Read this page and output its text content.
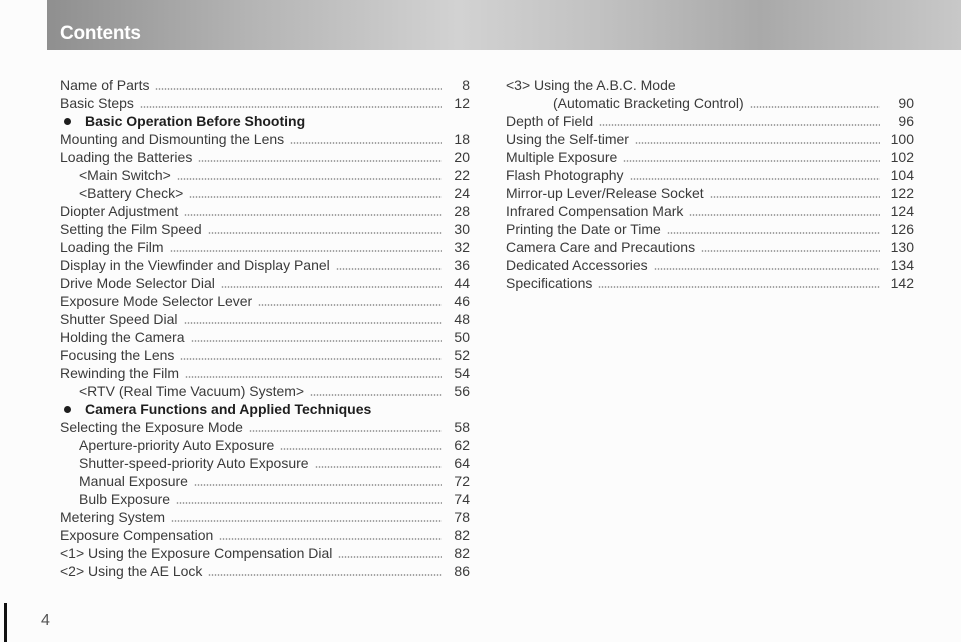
Contents
Name of Parts	8
Basic Steps	12
Basic Operation Before Shooting
Mounting and Dismounting the Lens	18
Loading the Batteries	20
<Main Switch>	22
<Battery Check>	24
Diopter Adjustment	28
Setting the Film Speed	30
Loading the Film	32
Display in the Viewfinder and Display Panel	36
Drive Mode Selector Dial	44
Exposure Mode Selector Lever	46
Shutter Speed Dial	48
Holding the Camera	50
Focusing the Lens	52
Rewinding the Film	54
<RTV (Real Time Vacuum) System>	56
Camera Functions and Applied Techniques
Selecting the Exposure Mode	58
Aperture-priority Auto Exposure	62
Shutter-speed-priority Auto Exposure	64
Manual Exposure	72
Bulb Exposure	74
Metering System	78
Exposure Compensation	82
<1> Using the Exposure Compensation Dial	82
<2> Using the AE Lock	86
<3> Using the A.B.C. Mode
(Automatic Bracketing Control)	90
Depth of Field	96
Using the Self-timer	100
Multiple Exposure	102
Flash Photography	104
Mirror-up Lever/Release Socket	122
Infrared Compensation Mark	124
Printing the Date or Time	126
Camera Care and Precautions	130
Dedicated Accessories	134
Specifications	142
4
